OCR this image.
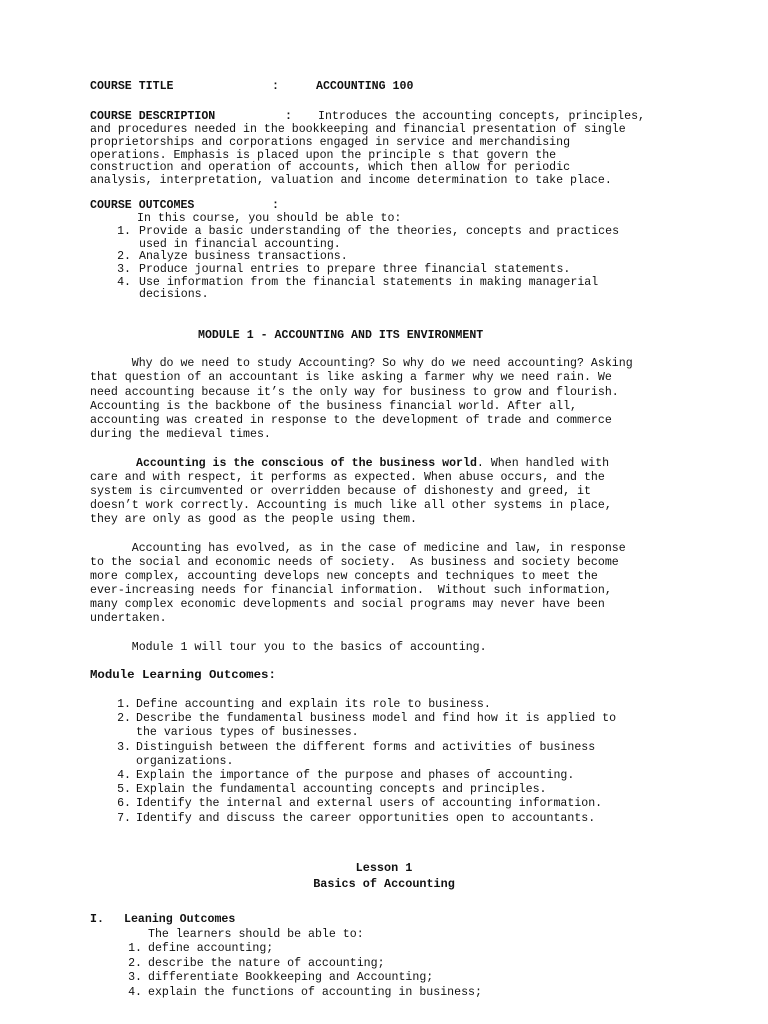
COURSE TITLE	:	ACCOUNTING 100
COURSE DESCRIPTION	: Introduces the accounting concepts, principles,
and procedures needed in the bookkeeping and financial presentation of single
proprietorships and corporations engaged in service and merchandising
operations. Emphasis is placed upon the principle s that govern the
construction and operation of accounts, which then allow for periodic
analysis, interpretation, valuation and income determination to take place.
COURSE OUTCOMES	:
In this course, you should be able to:
1. Provide a basic understanding of the theories, concepts and practices
used in financial accounting.
2. Analyze business transactions.
3. Produce journal entries to prepare three financial statements.
4. Use information from the financial statements in making managerial
decisions.
MODULE 1 - ACCOUNTING AND ITS ENVIRONMENT
Why do we need to study Accounting? So why do we need accounting? Asking
that question of an accountant is like asking a farmer why we need rain. We
need accounting because it’s the only way for business to grow and flourish.
Accounting is the backbone of the business financial world. After all,
accounting was created in response to the development of trade and commerce
during the medieval times.
Accounting is the conscious of the business world. When handled with
care and with respect, it performs as expected. When abuse occurs, and the
system is circumvented or overridden because of dishonesty and greed, it
doesn’t work correctly. Accounting is much like all other systems in place,
they are only as good as the people using them.
Accounting has evolved, as in the case of medicine and law, in response
to the social and economic needs of society.  As business and society become
more complex, accounting develops new concepts and techniques to meet the
ever-increasing needs for financial information.  Without such information,
many complex economic developments and social programs may never have been
undertaken.
Module 1 will tour you to the basics of accounting.
Module Learning Outcomes:
1. Define accounting and explain its role to business.
2. Describe the fundamental business model and find how it is applied to
the various types of businesses.
3. Distinguish between the different forms and activities of business
organizations.
4. Explain the importance of the purpose and phases of accounting.
5. Explain the fundamental accounting concepts and principles.
6. Identify the internal and external users of accounting information.
7. Identify and discuss the career opportunities open to accountants.
Lesson 1
Basics of Accounting
I. Leaning Outcomes
The learners should be able to:
1. define accounting;
2. describe the nature of accounting;
3. differentiate Bookkeeping and Accounting;
4. explain the functions of accounting in business;
